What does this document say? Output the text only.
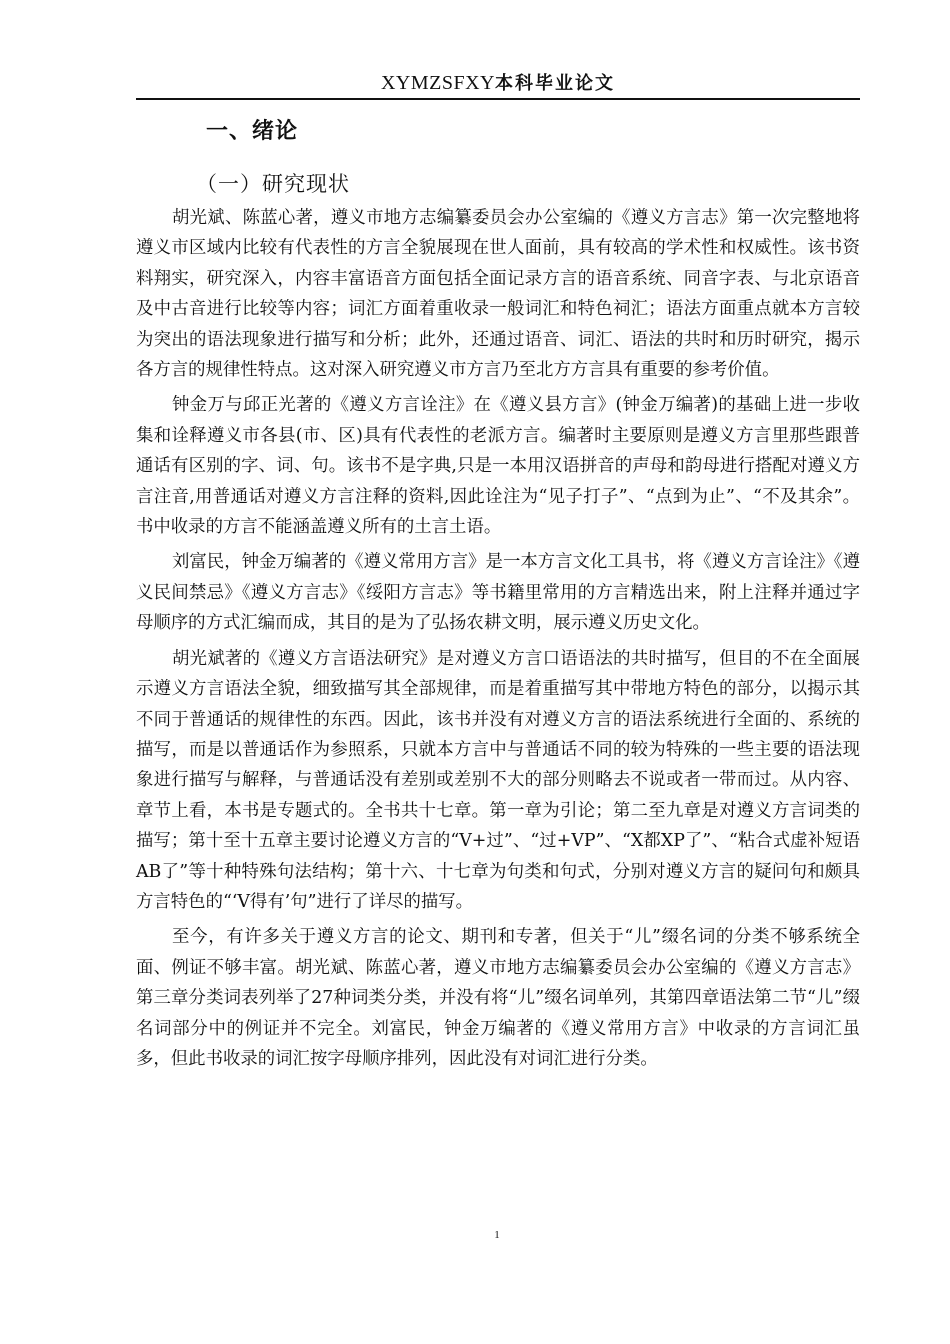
XYMZSFXY本科毕业论文
一、绪论
（一）研究现状

胡光斌、陈蓝心著，遵义市地方志编纂委员会办公室编的《遵义方言志》第一次完整地将遵义市区域内比较有代表性的方言全貌展现在世人面前，具有较高的学术性和权威性。该书资料翔实，研究深入，内容丰富语音方面包括全面记录方言的语音系统、同音字表、与北京语音及中古音进行比较等内容；词汇方面着重收录一般词汇和特色祠汇；语法方面重点就本方言较为突出的语法现象进行描写和分析；此外，还通过语音、词汇、语法的共时和历时研究，揭示各方言的规律性特点。这对深入研究遵义市方言乃至北方方言具有重要的参考价值。

钟金万与邱正光著的《遵义方言诠注》在《遵义县方言》(钟金万编著)的基础上进一步收集和诠释遵义市各县(市、区)具有代表性的老派方言。编著时主要原则是遵义方言里那些跟普通话有区别的字、词、句。该书不是字典,只是一本用汉语拼音的声母和韵母进行搭配对遵义方言注音,用普通话对遵义方言注释的资料,因此诠注为“见子打子”、“点到为止”、“不及其余”。书中收录的方言不能涵盖遵义所有的土言土语。

刘富民，钟金万编著的《遵义常用方言》是一本方言文化工具书，将《遵义方言诠注》《遵义民间禁忌》《遵义方言志》《绥阳方言志》等书籍里常用的方言精选出来，附上注释并通过字母顺序的方式汇编而成，其目的是为了弘扬农耕文明，展示遵义历史文化。

胡光斌著的《遵义方言语法研究》是对遵义方言口语语法的共时描写，但目的不在全面展示遵义方言语法全貌，细致描写其全部规律，而是着重描写其中带地方特色的部分，以揭示其不同于普通话的规律性的东西。因此，该书并没有对遵义方言的语法系统进行全面的、系统的描写，而是以普通话作为参照系，只就本方言中与普通话不同的较为特殊的一些主要的语法现象进行描写与解释，与普通话没有差别或差别不大的部分则略去不说或者一带而过。从内容、章节上看，本书是专题式的。全书共十七章。第一章为引论；第二至九章是对遵义方言词类的描写；第十至十五章主要讨论遵义方言的“V+过”、“过+VP”、“X都XP了”、“粘合式虚补短语AB了”等十种特殊句法结构；第十六、十七章为句类和句式，分别对遵义方言的疑问句和颇具方言特色的“‘V得有’句”进行了详尽的描写。

至今，有许多关于遵义方言的论文、期刊和专著，但关于“儿”缀名词的分类不够系统全面、例证不够丰富。胡光斌、陈蓝心著，遵义市地方志编纂委员会办公室编的《遵义方言志》第三章分类词表列举了27种词类分类，并没有将“儿”缀名词单列，其第四章语法第二节“儿”缀名词部分中的例证并不完全。刘富民，钟金万编著的《遵义常用方言》中收录的方言词汇虽多，但此书收录的词汇按字母顺序排列，因此没有对词汇进行分类。

1
